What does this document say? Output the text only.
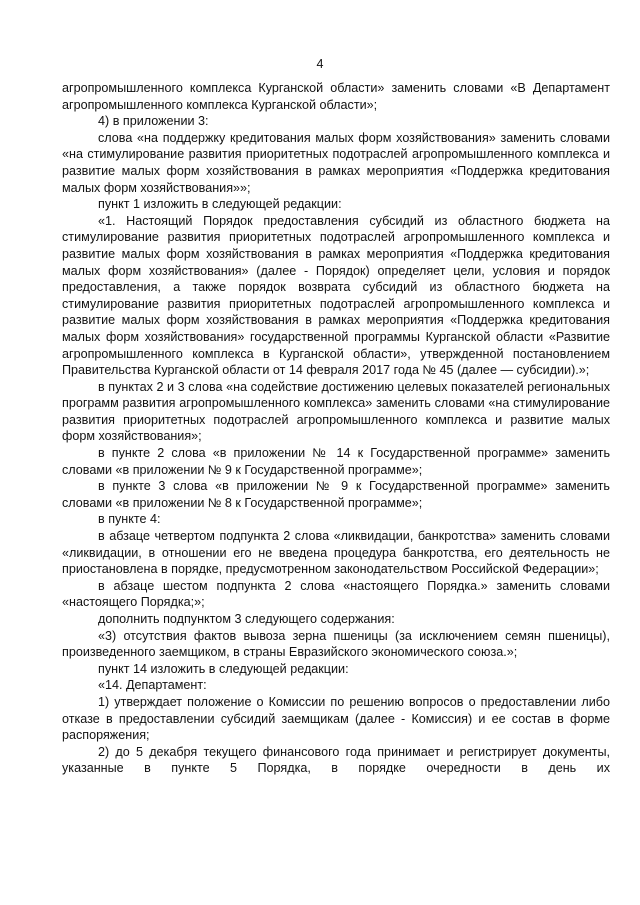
4

агропромышленного комплекса Курганской области» заменить словами «В Департамент агропромышленного комплекса Курганской области»;

4) в приложении 3:

слова «на поддержку кредитования малых форм хозяйствования» заменить словами «на стимулирование развития приоритетных подотраслей агропромышленного комплекса и развитие малых форм хозяйствования в рамках мероприятия «Поддержка кредитования малых форм хозяйствования»»;

пункт 1 изложить в следующей редакции:

«1. Настоящий Порядок предоставления субсидий из областного бюджета на стимулирование развития приоритетных подотраслей агропромышленного комплекса и развитие малых форм хозяйствования в рамках мероприятия «Поддержка кредитования малых форм хозяйствования» (далее - Порядок) определяет цели, условия и порядок предоставления, а также порядок возврата субсидий из областного бюджета на стимулирование развития приоритетных подотраслей агропромышленного комплекса и развитие малых форм хозяйствования в рамках мероприятия «Поддержка кредитования малых форм хозяйствования» государственной программы Курганской области «Развитие агропромышленного комплекса в Курганской области», утвержденной постановлением Правительства Курганской области от 14 февраля 2017 года № 45 (далее — субсидии).»;

в пунктах 2 и 3 слова «на содействие достижению целевых показателей региональных программ развития агропромышленного комплекса» заменить словами «на стимулирование развития приоритетных подотраслей агропромышленного комплекса и развитие малых форм хозяйствования»;

в пункте 2 слова «в приложении № 14 к Государственной программе» заменить словами «в приложении № 9 к Государственной программе»;

в пункте 3 слова «в приложении № 9 к Государственной программе» заменить словами «в приложении № 8 к Государственной программе»;

в пункте 4:

в абзаце четвертом подпункта 2 слова «ликвидации, банкротства» заменить словами «ликвидации, в отношении его не введена процедура банкротства, его деятельность не приостановлена в порядке, предусмотренном законодательством Российской Федерации»;

в абзаце шестом подпункта 2 слова «настоящего Порядка.» заменить словами «настоящего Порядка;»;

дополнить подпунктом 3 следующего содержания:

«3) отсутствия фактов вывоза зерна пшеницы (за исключением семян пшеницы), произведенного заемщиком, в страны Евразийского экономического союза.»;

пункт 14 изложить в следующей редакции:

«14. Департамент:

1) утверждает положение о Комиссии по решению вопросов о предоставлении либо отказе в предоставлении субсидий заемщикам (далее - Комиссия) и ее состав в форме распоряжения;

2) до 5 декабря текущего финансового года принимает и регистрирует документы, указанные в пункте 5 Порядка, в порядке очередности в день их
